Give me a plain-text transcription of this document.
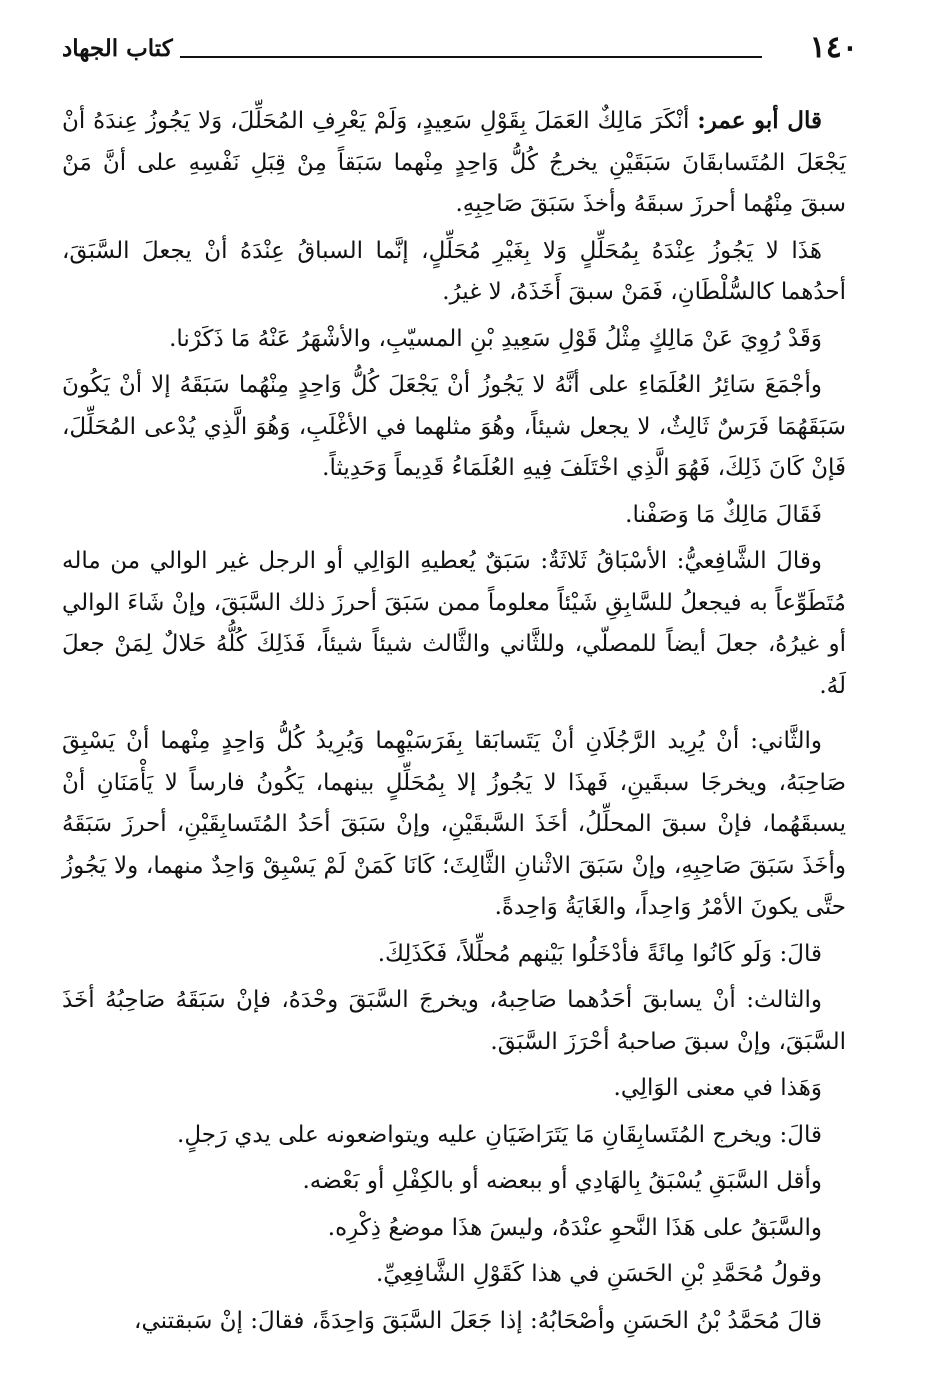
١٤٠
كتاب الجهاد

قال أبو عمر: أنْكَرَ مَالِكٌ العَمَلَ بِقَوْلِ سَعِيدٍ، وَلَمْ يَعْرِفِ المُحَلِّلَ، وَلا يَجُوزُ عِندَهُ أنْ يَجْعَلَ المُتَسابقَانَ سَبَقَيْنِ يخرجُ كُلُّ وَاحِدٍ مِنْهما سَبَقاً مِنْ قِبَلِ نَفْسِهِ على أنَّ مَنْ سبقَ مِنْهُما أحرزَ سبقَهُ وأخذَ سَبَقَ صَاحِبِهِ.

هَذَا لا يَجُوزُ عِنْدَهُ بِمُحَلِّلٍ وَلا بِغَيْرِ مُحَلِّلٍ، إنَّما السباقُ عِنْدَهُ أنْ يجعلَ السَّبَقَ، أحدُهما كالسُّلْطَانِ، فَمَنْ سبقَ أَخَذَهُ، لا غيرُ.

وَقَدْ رُوِيَ عَنْ مَالِكٍ مِثْلُ قَوْلِ سَعِيدِ بْنِ المسيّبِ، والأشْهَرُ عَنْهُ مَا ذَكَرْنا.

وأجْمَعَ سَائِرُ العُلَمَاءِ على أنَّهُ لا يَجُوزُ أنْ يَجْعَلَ كُلُّ وَاحِدٍ مِنْهُما سَبَقَهُ إلا أنْ يَكُونَ سَبَقَهُمَا فَرَسٌ ثَالِثٌ، لا يجعل شيئاً، وهُوَ مثلهما في الأغْلَبِ، وَهُوَ الَّذِي يُدْعى المُحَلِّلَ، فَإنْ كَانَ ذَلِكَ، فَهُوَ الَّذِي اخْتَلَفَ فِيهِ العُلَمَاءُ قَدِيماً وَحَدِيثاً.

فَقَالَ مَالِكٌ مَا وَصَفْنا.

وقالَ الشَّافِعيُّ: الأسْبَاقُ ثَلاثَةٌ: سَبَقٌ يُعطيهِ الوَالِي أو الرجل غير الوالي من ماله مُتَطَوِّعاً به فيجعلُ للسَّابِقِ شَيْئاً معلوماً ممن سَبَقَ أحرزَ ذلك السَّبَقَ، وإنْ شَاءَ الوالي أو غيرُهُ، جعلَ أيضاً للمصلّي، وللثَّاني والثَّالث شيئاً شيئاً، فَذَلِكَ كُلُّهُ حَلالٌ لِمَنْ جعلَ لَهُ.

والثَّاني: أنْ يُرِيد الرَّجُلَانِ أنْ يَتَسابَقا بِفَرَسَيْهِما وَيُرِيدُ كُلُّ وَاحِدٍ مِنْهما أنْ يَسْبِقَ صَاحِبَهُ، ويخرجَا سبقَينِ، فَهذَا لا يَجُوزُ إلا بِمُحَلِّلٍ بينهما، يَكُونُ فارساً لا يَأْمَنَانِ أنْ يسبقَهُما، فإنْ سبقَ المحلِّلُ، أخَذَ السَّبقَيْنِ، وإنْ سَبَقَ أحَدُ المُتَسابِقَيْنِ، أحرزَ سَبَقَهُ وأخَذَ سَبَقَ صَاحِبِهِ، وإنْ سَبَقَ الاثْنانِ الثَّالِثَ؛ كَانَا كَمَنْ لَمْ يَسْبِقْ وَاحِدٌ منهما، ولا يَجُوزُ حتَّى يكونَ الأمْرُ وَاحِداً، والغَايَةُ وَاحِدةً.

قالَ: وَلَو كَانُوا مِائَةً فأدْخَلُوا بَيْنهم مُحلِّلاً، فَكَذَلِكَ.

والثالث: أنْ يسابقَ أحَدُهما صَاحِبهُ، ويخرجَ السَّبَقَ وحْدَهُ، فإنْ سَبَقَهُ صَاحِبُهُ أخَذَ السَّبَقَ، وإنْ سبقَ صاحبهُ أحْرَزَ السَّبَقَ.

وَهَذا في معنى الوَالِي.

قالَ: ويخرج المُتَسابِقَانِ مَا يَتَرَاضَيَانِ عليه ويتواضعونه على يدي رَجلٍ.

وأقل السَّبَقِ يُسْبَقُ بِالهَادِي أو ببعضه أو بالكِفْلِ أو بَعْضه.

والسَّبَقُ على هَذَا النَّحوِ عنْدَهُ، وليسَ هذَا موضعُ ذِكْرِه.

وقولُ مُحَمَّدِ بْنِ الحَسَنِ في هذا كَقَوْلِ الشَّافِعِيِّ.

قالَ مُحَمَّدُ بْنُ الحَسَنِ وأصْحَابُهُ: إذا جَعَلَ السَّبَقَ وَاحِدَةً، فقالَ: إنْ سَبقتني،
